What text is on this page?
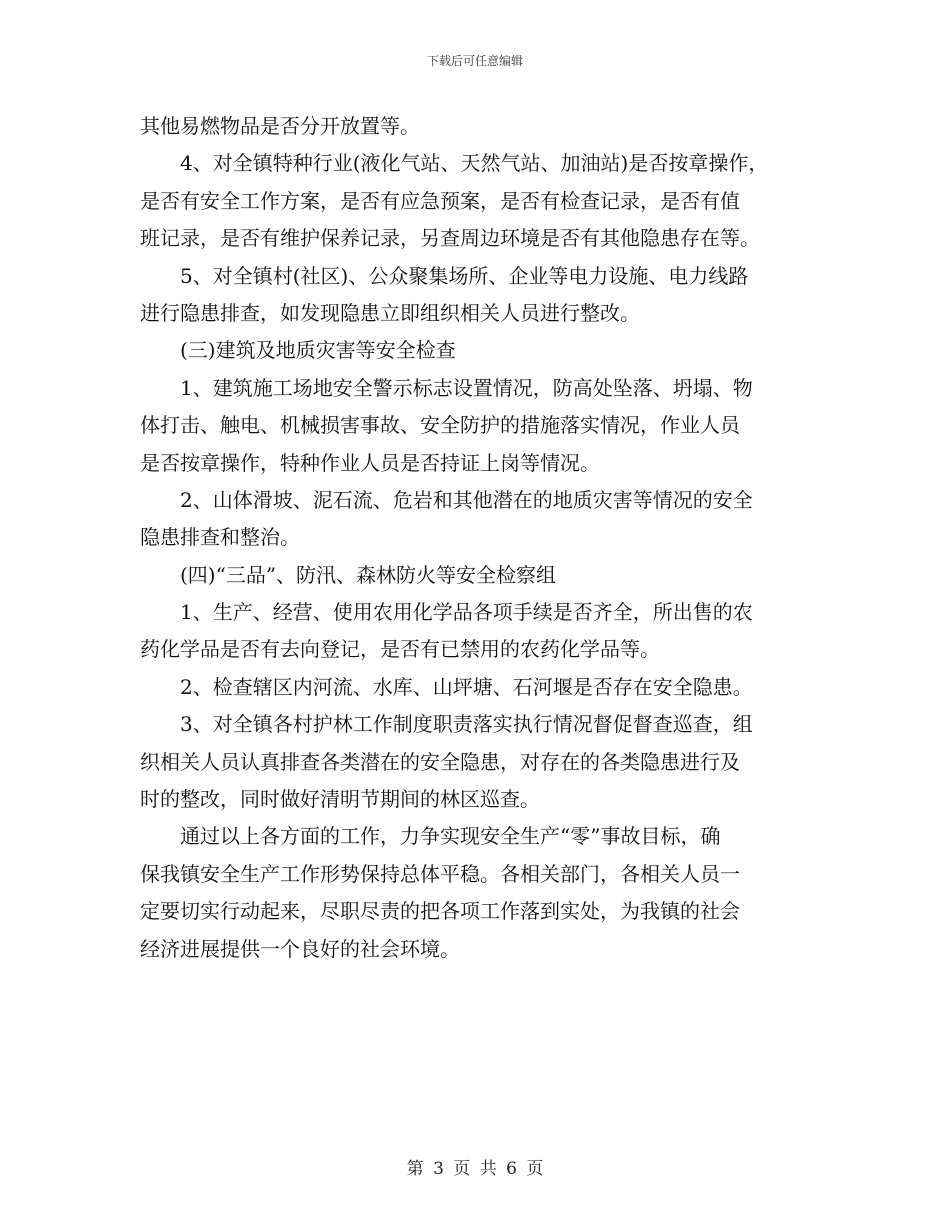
下载后可任意编辑
其他易燃物品是否分开放置等。
4、对全镇特种行业(液化气站、天然气站、加油站)是否按章操作，
是否有安全工作方案，是否有应急预案，是否有检查记录，是否有值
班记录，是否有维护保养记录，另查周边环境是否有其他隐患存在等。
5、对全镇村(社区)、公众聚集场所、企业等电力设施、电力线路
进行隐患排查，如发现隐患立即组织相关人员进行整改。
(三)建筑及地质灾害等安全检查
1、建筑施工场地安全警示标志设置情况，防高处坠落、坍塌、物
体打击、触电、机械损害事故、安全防护的措施落实情况，作业人员
是否按章操作，特种作业人员是否持证上岗等情况。
2、山体滑坡、泥石流、危岩和其他潜在的地质灾害等情况的安全
隐患排查和整治。
(四)“三品”、防汛、森林防火等安全检察组
1、生产、经营、使用农用化学品各项手续是否齐全，所出售的农
药化学品是否有去向登记，是否有已禁用的农药化学品等。
2、检查辖区内河流、水库、山坪塘、石河堰是否存在安全隐患。
3、对全镇各村护林工作制度职责落实执行情况督促督查巡查，组
织相关人员认真排查各类潜在的安全隐患，对存在的各类隐患进行及
时的整改，同时做好清明节期间的林区巡查。
通过以上各方面的工作，力争实现安全生产“零”事故目标，确
保我镇安全生产工作形势保持总体平稳。各相关部门，各相关人员一
定要切实行动起来，尽职尽责的把各项工作落到实处，为我镇的社会
经济进展提供一个良好的社会环境。
第 3 页 共 6 页
